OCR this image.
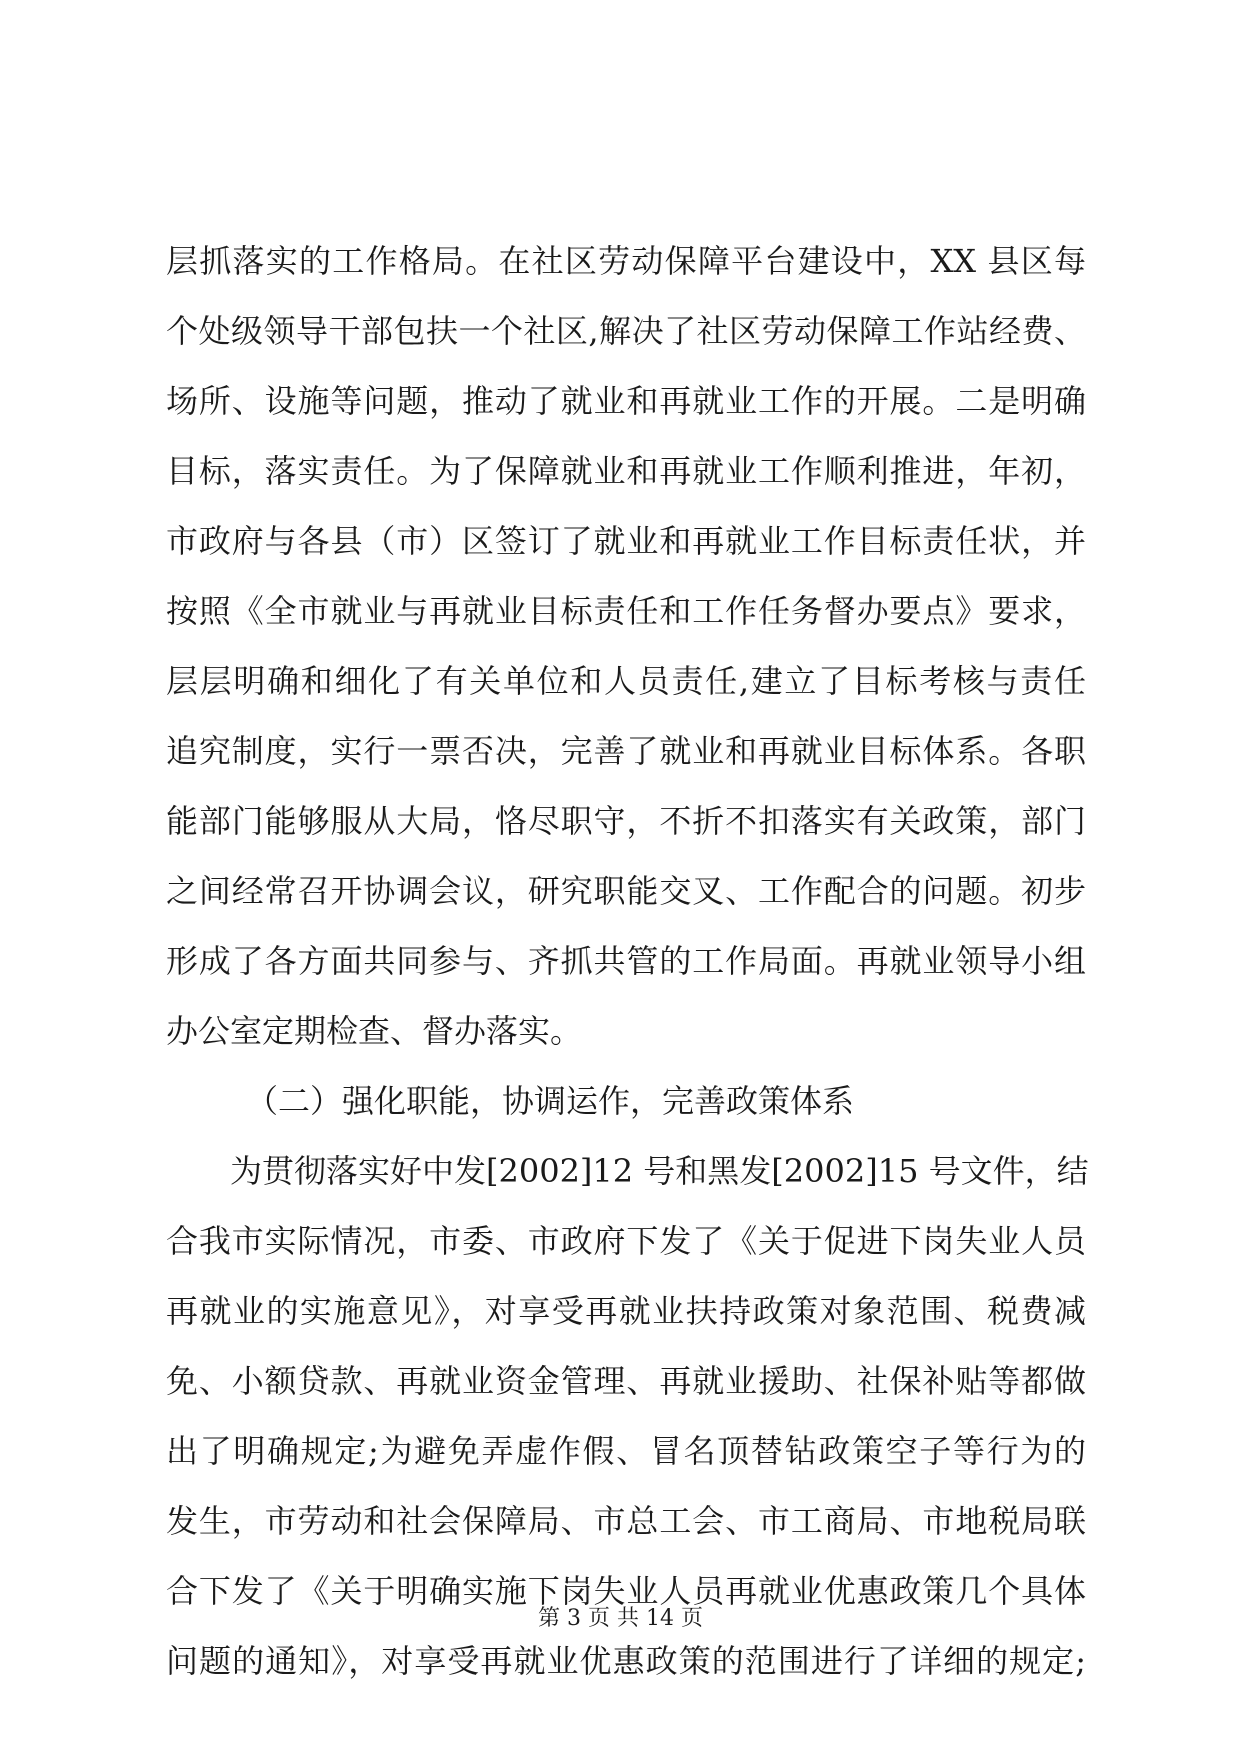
层抓落实的工作格局。在社区劳动保障平台建设中，XX 县区每
个处级领导干部包扶一个社区,解决了社区劳动保障工作站经费、
场所、设施等问题，推动了就业和再就业工作的开展。二是明确
目标，落实责任。为了保障就业和再就业工作顺利推进，年初，
市政府与各县（市）区签订了就业和再就业工作目标责任状，并
按照《全市就业与再就业目标责任和工作任务督办要点》要求，
层层明确和细化了有关单位和人员责任,建立了目标考核与责任
追究制度，实行一票否决，完善了就业和再就业目标体系。各职
能部门能够服从大局，恪尽职守，不折不扣落实有关政策，部门
之间经常召开协调会议，研究职能交叉、工作配合的问题。初步
形成了各方面共同参与、齐抓共管的工作局面。再就业领导小组
办公室定期检查、督办落实。
（二）强化职能，协调运作，完善政策体系
为贯彻落实好中发[2002]12 号和黑发[2002]15 号文件，结
合我市实际情况，市委、市政府下发了《关于促进下岗失业人员
再就业的实施意见》，对享受再就业扶持政策对象范围、税费减
免、小额贷款、再就业资金管理、再就业援助、社保补贴等都做
出了明确规定;为避免弄虚作假、冒名顶替钻政策空子等行为的
发生，市劳动和社会保障局、市总工会、市工商局、市地税局联
合下发了《关于明确实施下岗失业人员再就业优惠政策几个具体
问题的通知》，对享受再就业优惠政策的范围进行了详细的规定;
第 3 页 共 14 页
